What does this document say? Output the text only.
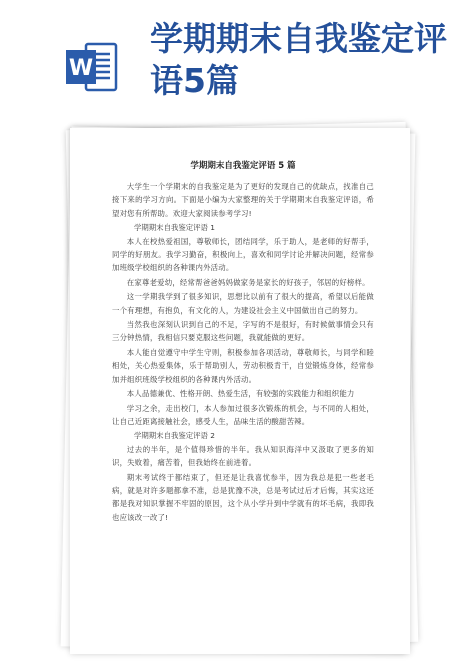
W
学期期末自我鉴定评语5篇
学期期末自我鉴定评语 5 篇

大学生一个学期末的自我鉴定是为了更好的发现自己的优缺点，找准自己接下来的学习方向。下面是小编为大家整理的关于学期期末自我鉴定评语，希望对您有所帮助。欢迎大家阅读参考学习!

学期期末自我鉴定评语 1

本人在校热爱祖国，尊敬师长，团结同学，乐于助人，是老师的好帮手，同学的好朋友。我学习勤奋，积极向上，喜欢和同学讨论并解决问题，经常参加班级学校组织的各种课内外活动。

在家尊老爱幼，经常帮爸爸妈妈做家务是家长的好孩子，邻居的好榜样。

这一学期我学到了很多知识，思想比以前有了很大的提高，希望以后能做一个有理想，有抱负，有文化的人，为建设社会主义中国做出自己的努力。

当然我也深刻认识到自己的不足，字写的不是很好，有时候做事情会只有三分钟热情，我相信只要克服这些问题，我就能做的更好。

本人能自觉遵守中学生守则，积极参加各项活动，尊敬师长，与同学和睦相处，关心热爱集体，乐于帮助别人，劳动积极肯干，自觉锻炼身体，经常参加并组织班级学校组织的各种课内外活动。

本人品德兼优、性格开朗、热爱生活，有较强的实践能力和组织能力

学习之余，走出校门，本人参加过很多次锻炼的机会，与不同的人相处，让自己近距离接触社会，感受人生，品味生活的酸甜苦辣。

学期期末自我鉴定评语 2

过去的半年，是个值得珍惜的半年。我从知识海洋中又汲取了更多的知识，失败着，痛苦着，但我始终在前进着。

期末考试终于都结束了，但还是让我喜忧参半，因为我总是犯一些老毛病，就是对许多题都拿不准，总是犹豫不决，总是考试过后才后悔，其实这还都是我对知识掌握不牢固的原因，这个从小学升到中学就有的坏毛病，我即我也应该改一改了!
